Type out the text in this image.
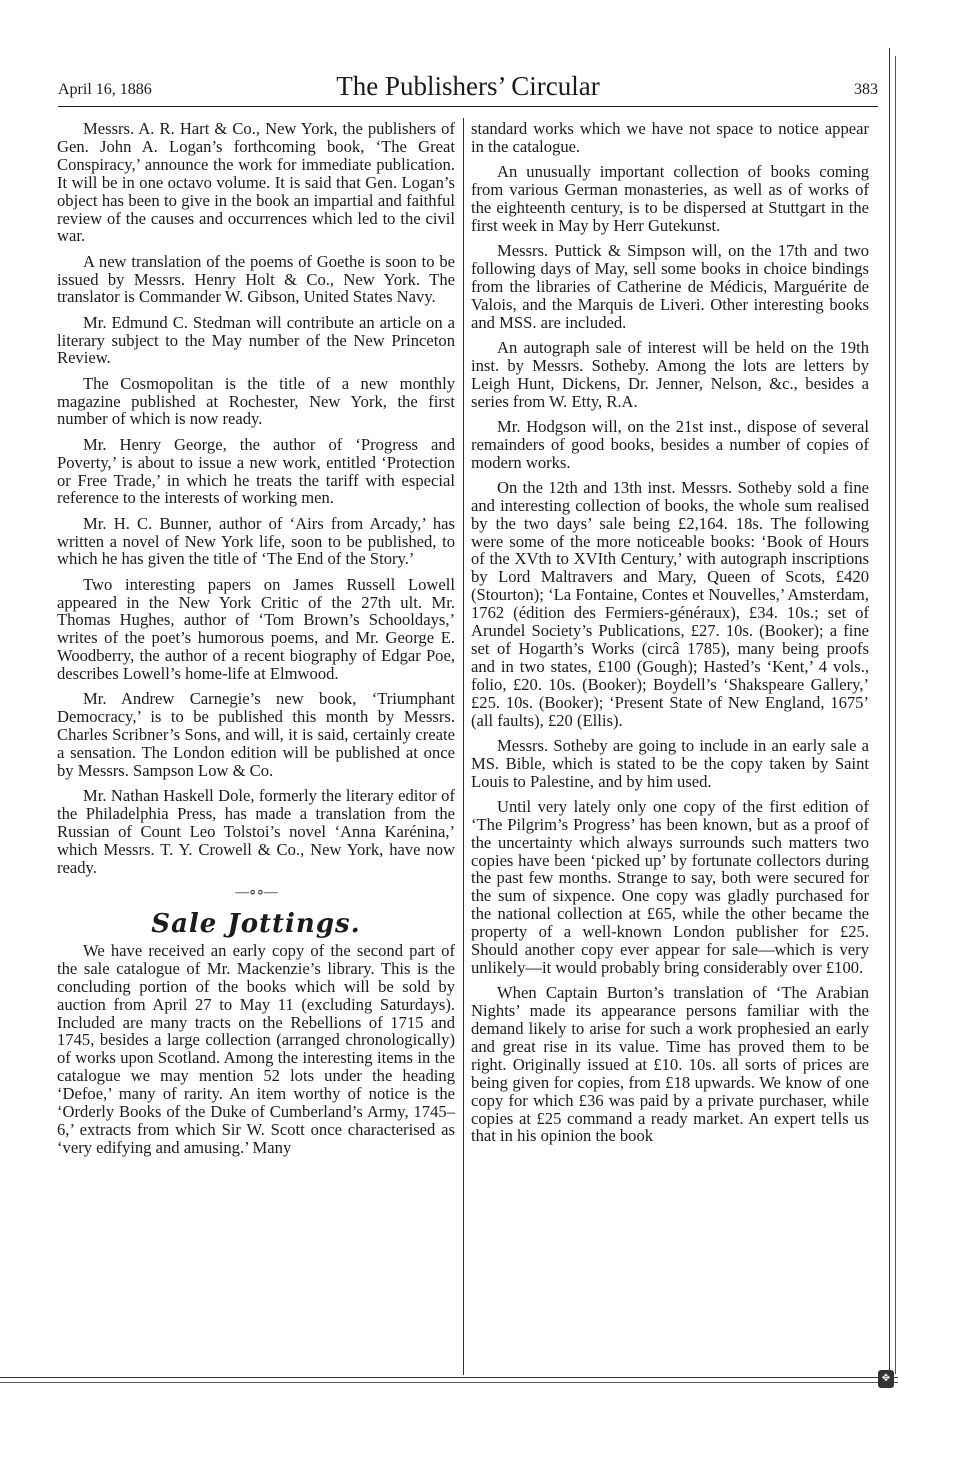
April 16, 1886	The Publishers’ Circular	383

Messrs. A. R. Hart & Co., New York, the publishers of Gen. John A. Logan’s forthcoming book, ‘The Great Conspiracy,’ announce the work for immediate publication. It will be in one octavo volume. It is said that Gen. Logan’s object has been to give in the book an impartial and faithful review of the causes and occurrences which led to the civil war.

A new translation of the poems of Goethe is soon to be issued by Messrs. Henry Holt & Co., New York. The translator is Commander W. Gibson, United States Navy.

Mr. Edmund C. Stedman will contribute an article on a literary subject to the May number of the New Princeton Review.

The Cosmopolitan is the title of a new monthly magazine published at Rochester, New York, the first number of which is now ready.

Mr. Henry George, the author of ‘Progress and Poverty,’ is about to issue a new work, entitled ‘Protection or Free Trade,’ in which he treats the tariff with especial reference to the interests of working men.

Mr. H. C. Bunner, author of ‘Airs from Arcady,’ has written a novel of New York life, soon to be published, to which he has given the title of ‘The End of the Story.’

Two interesting papers on James Russell Lowell appeared in the New York Critic of the 27th ult. Mr. Thomas Hughes, author of ‘Tom Brown’s Schooldays,’ writes of the poet’s humorous poems, and Mr. George E. Woodberry, the author of a recent biography of Edgar Poe, describes Lowell’s home-life at Elmwood.

Mr. Andrew Carnegie’s new book, ‘Triumphant Democracy,’ is to be published this month by Messrs. Charles Scribner’s Sons, and will, it is said, certainly create a sensation. The London edition will be published at once by Messrs. Sampson Low & Co.

Mr. Nathan Haskell Dole, formerly the literary editor of the Philadelphia Press, has made a translation from the Russian of Count Leo Tolstoi’s novel ‘Anna Karénina,’ which Messrs. T. Y. Crowell & Co., New York, have now ready.

—∘∘—
Sale Jottings.

We have received an early copy of the second part of the sale catalogue of Mr. Mackenzie’s library. This is the concluding portion of the books which will be sold by auction from April 27 to May 11 (excluding Saturdays). Included are many tracts on the Rebellions of 1715 and 1745, besides a large collection (arranged chronologically) of works upon Scotland. Among the interesting items in the catalogue we may mention 52 lots under the heading ‘Defoe,’ many of rarity. An item worthy of notice is the ‘Orderly Books of the Duke of Cumberland’s Army, 1745–6,’ extracts from which Sir W. Scott once characterised as ‘very edifying and amusing.’ Many

standard works which we have not space to notice appear in the catalogue.

An unusually important collection of books coming from various German monasteries, as well as of works of the eighteenth century, is to be dispersed at Stuttgart in the first week in May by Herr Gutekunst.

Messrs. Puttick & Simpson will, on the 17th and two following days of May, sell some books in choice bindings from the libraries of Catherine de Médicis, Marguérite de Valois, and the Marquis de Liveri. Other interesting books and MSS. are included.

An autograph sale of interest will be held on the 19th inst. by Messrs. Sotheby. Among the lots are letters by Leigh Hunt, Dickens, Dr. Jenner, Nelson, &c., besides a series from W. Etty, R.A.

Mr. Hodgson will, on the 21st inst., dispose of several remainders of good books, besides a number of copies of modern works.

On the 12th and 13th inst. Messrs. Sotheby sold a fine and interesting collection of books, the whole sum realised by the two days’ sale being £2,164. 18s. The following were some of the more noticeable books: ‘Book of Hours of the XVth to XVIth Century,’ with autograph inscriptions by Lord Maltravers and Mary, Queen of Scots, £420 (Stourton); ‘La Fontaine, Contes et Nouvelles,’ Amsterdam, 1762 (édition des Fermiers-généraux), £34. 10s.; set of Arundel Society’s Publications, £27. 10s. (Booker); a fine set of Hogarth’s Works (circâ 1785), many being proofs and in two states, £100 (Gough); Hasted’s ‘Kent,’ 4 vols., folio, £20. 10s. (Booker); Boydell’s ‘Shakspeare Gallery,’ £25. 10s. (Booker); ‘Present State of New England, 1675’ (all faults), £20 (Ellis).

Messrs. Sotheby are going to include in an early sale a MS. Bible, which is stated to be the copy taken by Saint Louis to Palestine, and by him used.

Until very lately only one copy of the first edition of ‘The Pilgrim’s Progress’ has been known, but as a proof of the uncertainty which always surrounds such matters two copies have been ‘picked up’ by fortunate collectors during the past few months. Strange to say, both were secured for the sum of sixpence. One copy was gladly purchased for the national collection at £65, while the other became the property of a well-known London publisher for £25. Should another copy ever appear for sale—which is very unlikely—it would probably bring considerably over £100.

When Captain Burton’s translation of ‘The Arabian Nights’ made its appearance persons familiar with the demand likely to arise for such a work prophesied an early and great rise in its value. Time has proved them to be right. Originally issued at £10. 10s. all sorts of prices are being given for copies, from £18 upwards. We know of one copy for which £36 was paid by a private purchaser, while copies at £25 command a ready market. An expert tells us that in his opinion the book

✥
